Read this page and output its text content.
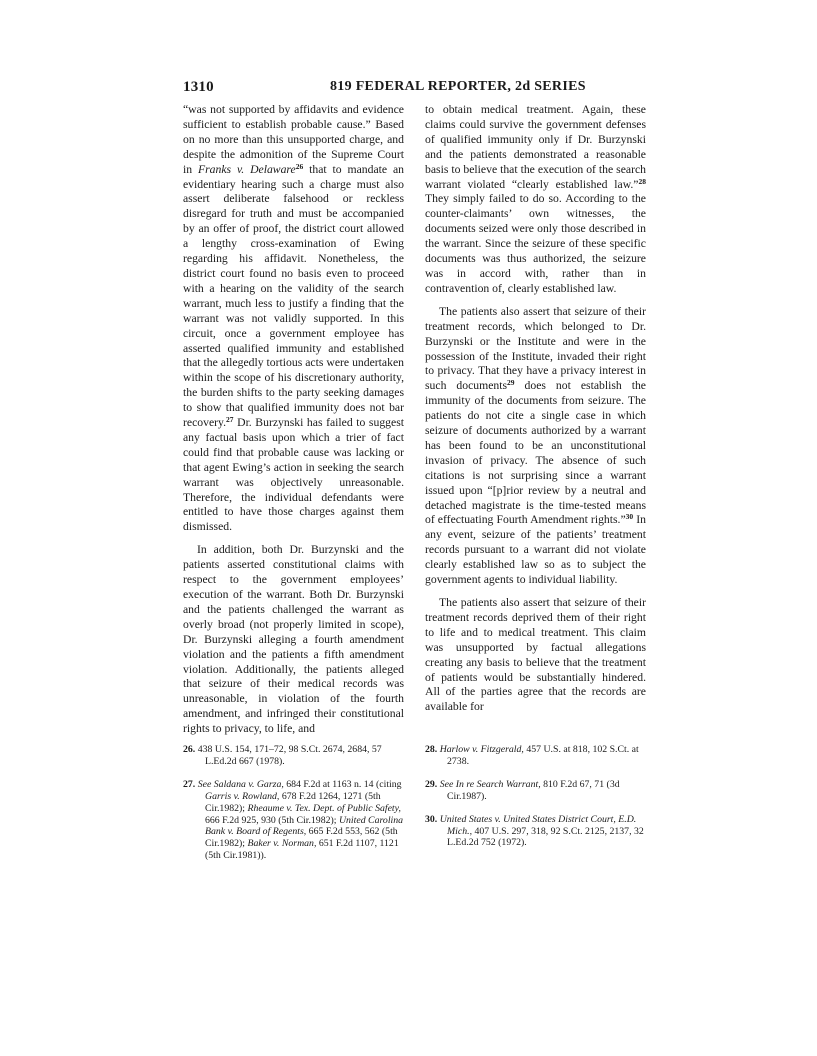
1310	819 FEDERAL REPORTER, 2d SERIES

“was not supported by affidavits and evidence sufficient to establish probable cause.” Based on no more than this unsupported charge, and despite the admonition of the Supreme Court in Franks v. Delaware$^{26}$ that to mandate an evidentiary hearing such a charge must also assert deliberate falsehood or reckless disregard for truth and must be accompanied by an offer of proof, the district court allowed a lengthy cross-examination of Ewing regarding his affidavit. Nonetheless, the district court found no basis even to proceed with a hearing on the validity of the search warrant, much less to justify a finding that the warrant was not validly supported. In this circuit, once a government employee has asserted qualified immunity and established that the allegedly tortious acts were undertaken within the scope of his discretionary authority, the burden shifts to the party seeking damages to show that qualified immunity does not bar recovery.$^{27}$ Dr. Burzynski has failed to suggest any factual basis upon which a trier of fact could find that probable cause was lacking or that agent Ewing’s action in seeking the search warrant was objectively unreasonable. Therefore, the individual defendants were entitled to have those charges against them dismissed.

In addition, both Dr. Burzynski and the patients asserted constitutional claims with respect to the government employees’ execution of the warrant. Both Dr. Burzynski and the patients challenged the warrant as overly broad (not properly limited in scope), Dr. Burzynski alleging a fourth amendment violation and the patients a fifth amendment violation. Additionally, the patients alleged that seizure of their medical records was unreasonable, in violation of the fourth amendment, and infringed their constitutional rights to privacy, to life, and

to obtain medical treatment. Again, these claims could survive the government defenses of qualified immunity only if Dr. Burzynski and the patients demonstrated a reasonable basis to believe that the execution of the search warrant violated “clearly established law.”$^{28}$ They simply failed to do so. According to the counter-claimants’ own witnesses, the documents seized were only those described in the warrant. Since the seizure of these specific documents was thus authorized, the seizure was in accord with, rather than in contravention of, clearly established law.

The patients also assert that seizure of their treatment records, which belonged to Dr. Burzynski or the Institute and were in the possession of the Institute, invaded their right to privacy. That they have a privacy interest in such documents$^{29}$ does not establish the immunity of the documents from seizure. The patients do not cite a single case in which seizure of documents authorized by a warrant has been found to be an unconstitutional invasion of privacy. The absence of such citations is not surprising since a warrant issued upon “[p]rior review by a neutral and detached magistrate is the time-tested means of effectuating Fourth Amendment rights.”$^{30}$ In any event, seizure of the patients’ treatment records pursuant to a warrant did not violate clearly established law so as to subject the government agents to individual liability.

The patients also assert that seizure of their treatment records deprived them of their right to life and to medical treatment. This claim was unsupported by factual allegations creating any basis to believe that the treatment of patients would be substantially hindered. All of the parties agree that the records are available for

26. 438 U.S. 154, 171–72, 98 S.Ct. 2674, 2684, 57 L.Ed.2d 667 (1978).

27. See Saldana v. Garza, 684 F.2d at 1163 n. 14 (citing Garris v. Rowland, 678 F.2d 1264, 1271 (5th Cir.1982); Rheaume v. Tex. Dept. of Public Safety, 666 F.2d 925, 930 (5th Cir.1982); United Carolina Bank v. Board of Regents, 665 F.2d 553, 562 (5th Cir.1982); Baker v. Norman, 651 F.2d 1107, 1121 (5th Cir.1981)).

28. Harlow v. Fitzgerald, 457 U.S. at 818, 102 S.Ct. at 2738.

29. See In re Search Warrant, 810 F.2d 67, 71 (3d Cir.1987).

30. United States v. United States District Court, E.D. Mich., 407 U.S. 297, 318, 92 S.Ct. 2125, 2137, 32 L.Ed.2d 752 (1972).
